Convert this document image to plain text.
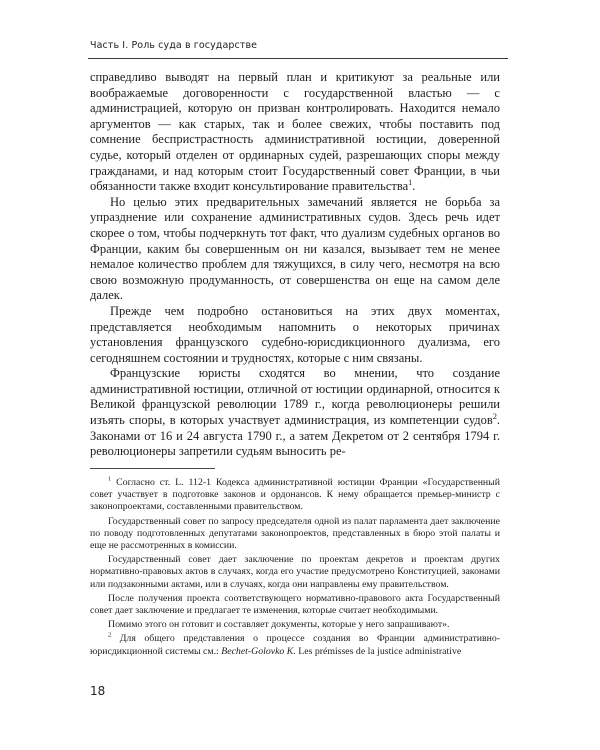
Часть I. Роль суда в государстве

справедливо выводят на первый план и критикуют за реальные или воображаемые договоренности с государственной властью — с администрацией, которую он призван контролировать. Находится немало аргументов — как старых, так и более свежих, чтобы поставить под сомнение беспристрастность административной юстиции, доверенной судье, который отделен от ординарных судей, разрешающих споры между гражданами, и над которым стоит Государственный совет Франции, в чьи обязанности также входит консультирование правительства$^1$.

Но целью этих предварительных замечаний является не борьба за упразднение или сохранение административных судов. Здесь речь идет скорее о том, чтобы подчеркнуть тот факт, что дуализм судебных органов во Франции, каким бы совершенным он ни казался, вызывает тем не менее немалое количество проблем для тяжущихся, в силу чего, несмотря на всю свою возможную продуманность, от совершенства он еще на самом деле далек.

Прежде чем подробно остановиться на этих двух моментах, представляется необходимым напомнить о некоторых причинах установления французского судебно-юрисдикционного дуализма, его сегодняшнем состоянии и трудностях, которые с ним связаны.

Французские юристы сходятся во мнении, что создание административной юстиции, отличной от юстиции ординарной, относится к Великой французской революции 1789 г., когда революционеры решили изъять споры, в которых участвует администрация, из компетенции судов$^2$. Законами от 16 и 24 августа 1790 г., а затем Декретом от 2 сентября 1794 г. революционеры запретили судьям выносить ре-

$^1$ Согласно ст. L. 112-1 Кодекса административной юстиции Франции «Государственный совет участвует в подготовке законов и ордонансов. К нему обращается премьер-министр с законопроектами, составленными правительством.

Государственный совет по запросу председателя одной из палат парламента дает заключение по поводу подготовленных депутатами законопроектов, представленных в бюро этой палаты и еще не рассмотренных в комиссии.

Государственный совет дает заключение по проектам декретов и проектам других нормативно-правовых актов в случаях, когда его участие предусмотрено Конституцией, законами или подзаконными актами, или в случаях, когда они направлены ему правительством.

После получения проекта соответствующего нормативно-правового акта Государственный совет дает заключение и предлагает те изменения, которые считает необходимыми.

Помимо этого он готовит и составляет документы, которые у него запрашивают».

$^2$ Для общего представления о процессе создания во Франции административно-юрисдикционной системы см.: Bechet-Golovko K. Les prémisses de la justice administrative

18
